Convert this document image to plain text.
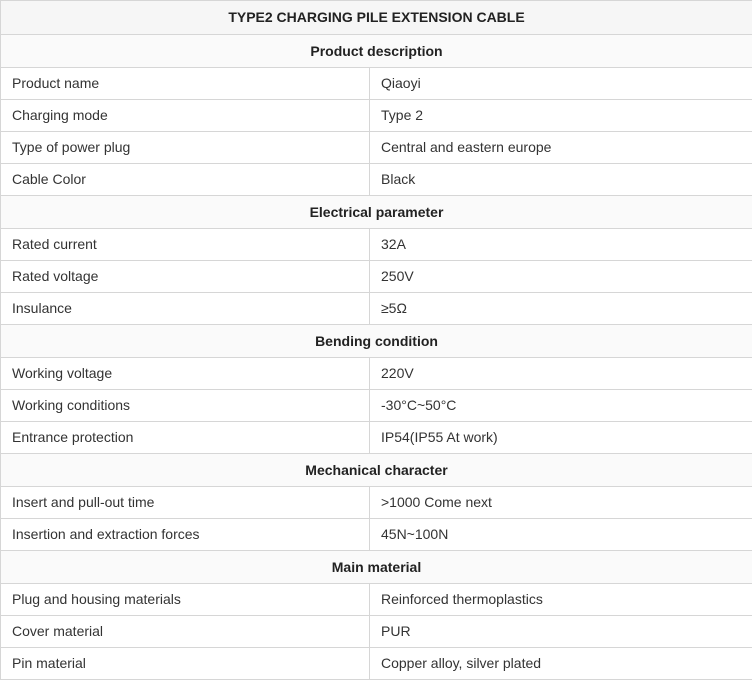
TYPE2 CHARGING PILE EXTENSION CABLE	
Product description	
Product name	Qiaoyi
Charging mode	Type 2
Type of power plug	Central and eastern europe
Cable Color	Black
Electrical parameter	
Rated current	32A
Rated voltage	250V
Insulance	≥5Ω
Bending condition	
Working voltage	220V
Working conditions	-30°C~50°C
Entrance protection	IP54(IP55 At work)
Mechanical character	
Insert and pull-out time	>1000 Come next
Insertion and extraction forces	45N~100N
Main material	
Plug and housing materials	Reinforced thermoplastics
Cover material	PUR
Pin material	Copper alloy, silver plated
